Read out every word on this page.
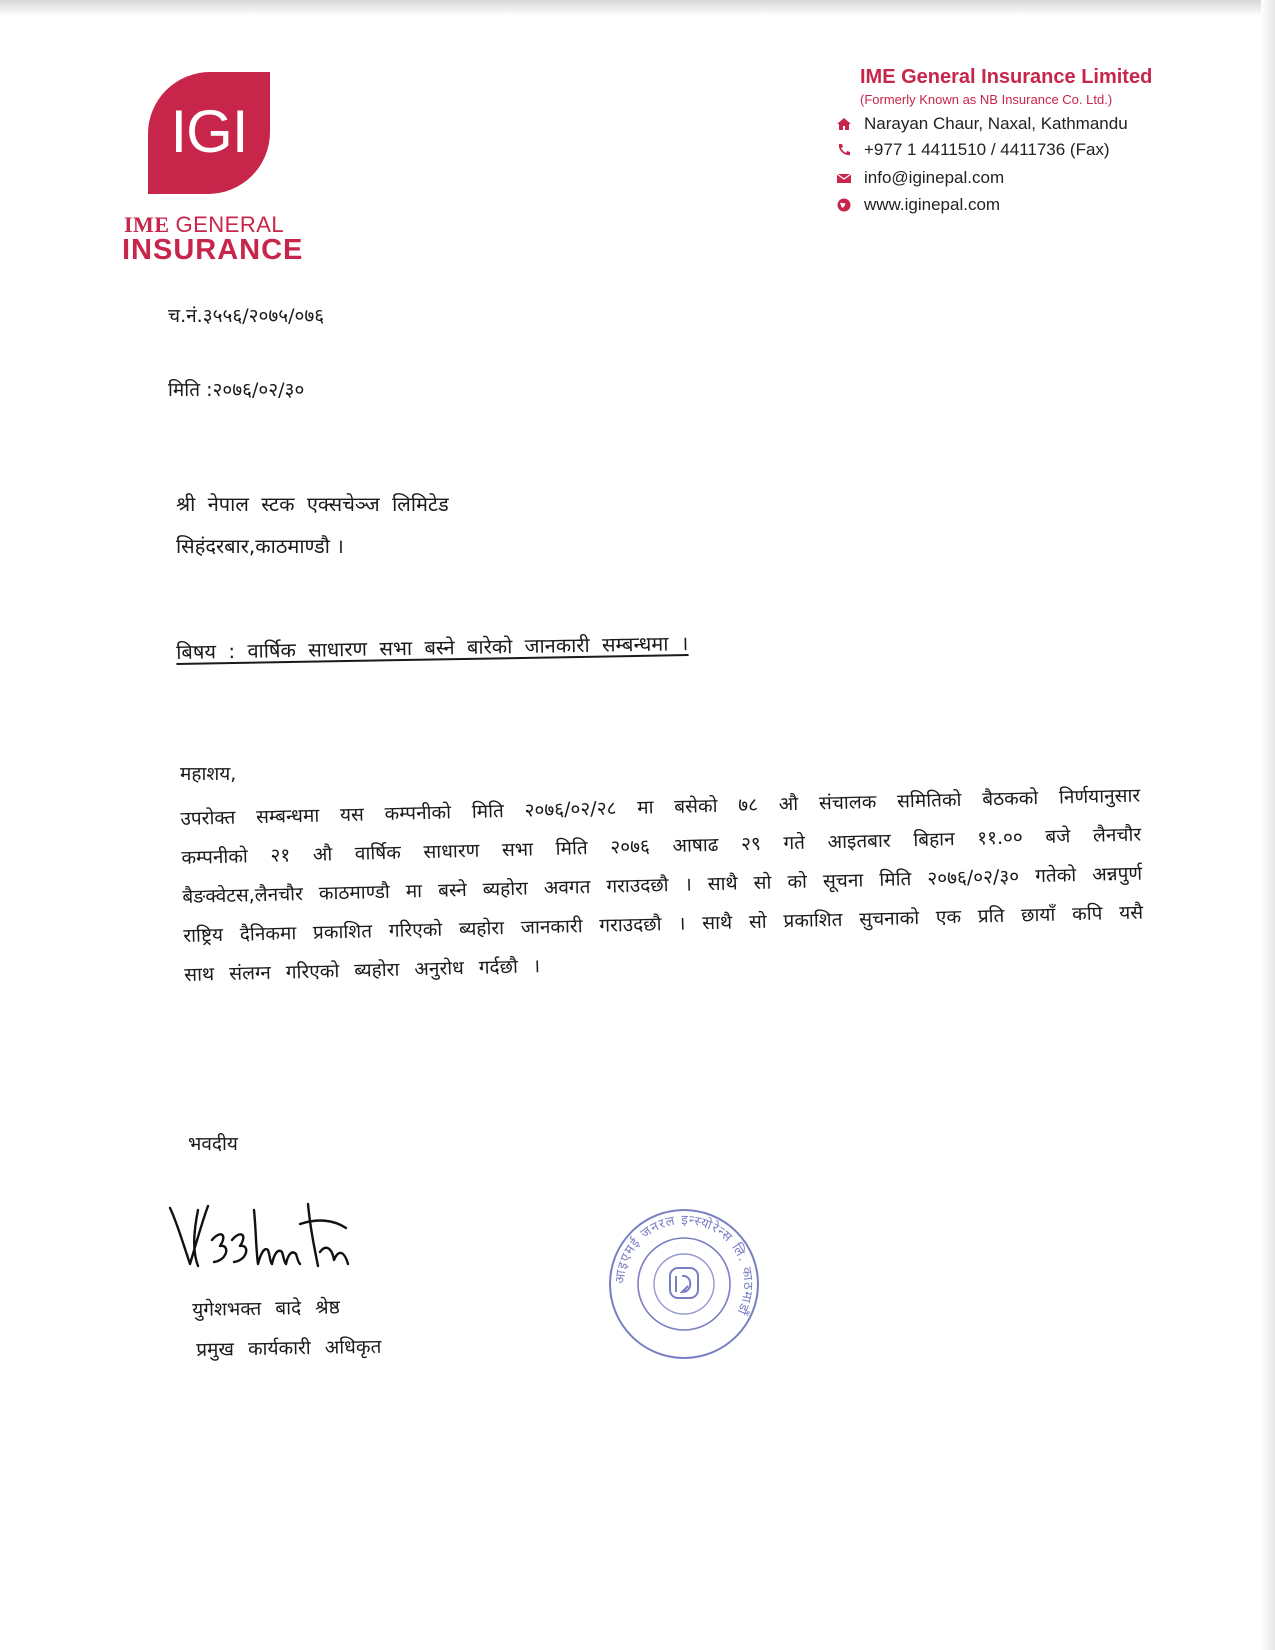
IGI
IME GENERAL
INSURANCE
IME General Insurance Limited
(Formerly Known as NB Insurance Co. Ltd.)
Narayan Chaur, Naxal, Kathmandu
+977 1 4411510 / 4411736 (Fax)
info@iginepal.com
www.iginepal.com
च.नं.३५५६/२०७५/०७६
मिति :२०७६/०२/३०
श्री नेपाल स्टक एक्सचेञ्ज लिमिटेड
सिहंदरबार,काठमाण्डौ ।
बिषय : वार्षिक साधारण सभा बस्ने बारेको जानकारी सम्बन्धमा ।
महाशय,
उपरोक्त सम्बन्धमा यस कम्पनीको मिति २०७६/०२/२८ मा बसेको ७८ औ संचालक समितिको बैठकको निर्णयानुसार कम्पनीको २१ औ वार्षिक साधारण सभा मिति २०७६ आषाढ २९ गते आइतबार बिहान ११.०० बजे लैनचौर बैङक्वेटस,लैनचौर काठमाण्डौ मा बस्ने ब्यहोरा अवगत गराउदछौ । साथै सो को सूचना मिति २०७६/०२/३० गतेको अन्नपुर्ण राष्ट्रिय दैनिकमा प्रकाशित गरिएको ब्यहोरा जानकारी गराउदछौ । साथै सो प्रकाशित सुचनाको एक प्रति छायाँ कपि यसै साथ संलग्न गरिएको ब्यहोरा अनुरोध गर्दछौ ।
भवदीय
युगेशभक्त बादे श्रेष्ठ
प्रमुख कार्यकारी अधिकृत
आइएमई जनरल इन्स्योरेन्स लि. काठमाडौं
